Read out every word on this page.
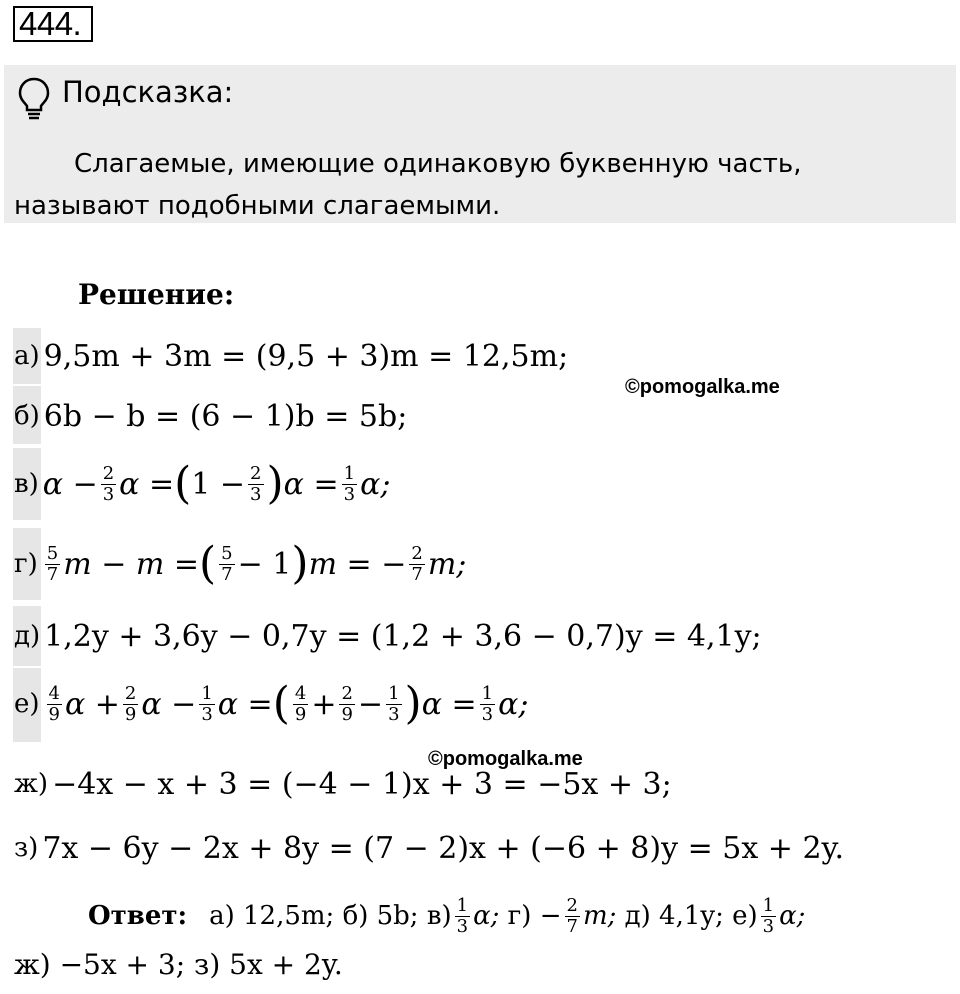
444.
Подсказка:
Слагаемые, имеющие одинаковую буквенную часть,
называют подобными слагаемыми.
Решение:
©pomogalka.me
©pomogalka.me
а) 9,5m + 3m = (9,5 + 3)m = 12,5m;
б) 6b − b = (6 − 1)b = 5b;
в) $\alpha - \frac{2}{3}$ α = ( $1 - \frac{2}{3}$ ) $\alpha = \frac{1}{3} \alpha$;
$г) \frac{5}{7}$ m − m = ( $\frac{5}{7} - 1$ ) m = − $\frac{2}{7} m$;
д) 1,2y + 3,6y − 0,7y = (1,2 + 3,6 − 0,7)y = 4,1y;
$е) \frac{4}{9}$ $\alpha + \frac{2}{9}$ $\alpha - \frac{1}{3}$ α = ( $\frac{4}{9} + \frac{2}{9} - \frac{1}{3}$ ) $\alpha = \frac{1}{3} \alpha$;
ж) −4x − x + 3 = (−4 − 1)x + 3 = −5x + 3;
з) 7x − 6y − 2x + 8y = (7 − 2)x + (−6 + 8)y = 5x + 2y.
Ответ: а) 12,5m;
б) 5b;
$в) \frac{1}{3} \alpha$;
$г) - \frac{2}{7} m$;
д) 4,1y;
$е) \frac{1}{3} \alpha$;
ж) −5x + 3; з) 5x + 2y.
